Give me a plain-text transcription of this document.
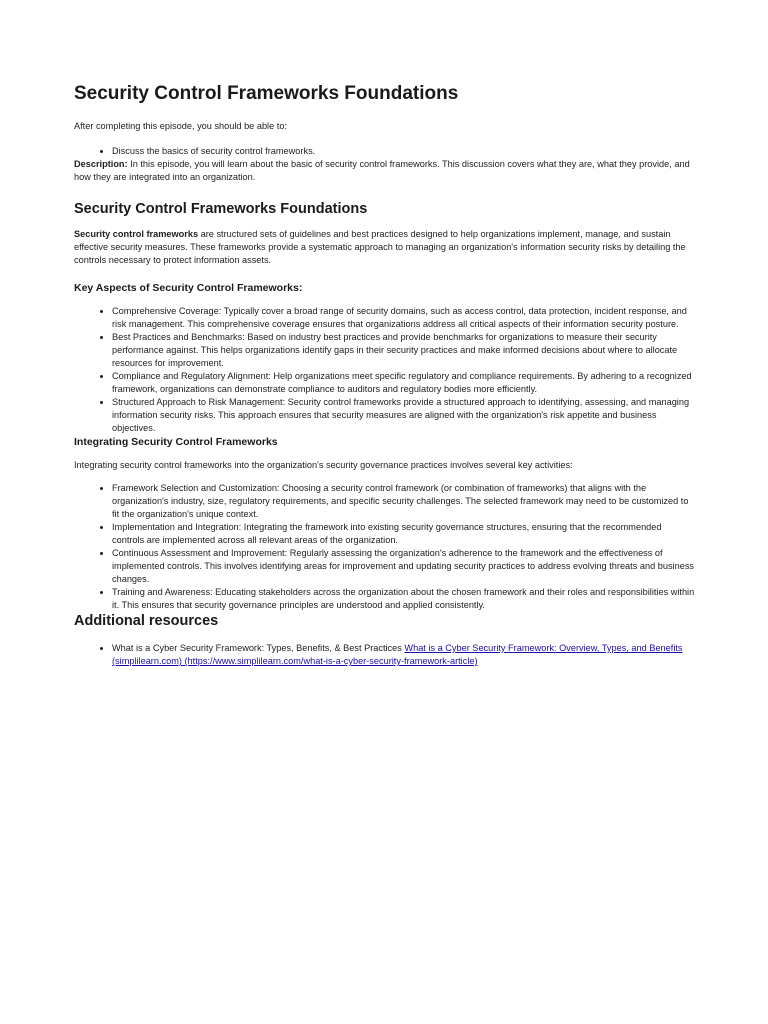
Security Control Frameworks Foundations

After completing this episode, you should be able to:

Discuss the basics of security control frameworks.

Description: In this episode, you will learn about the basic of security control frameworks. This discussion covers what they are, what they provide, and how they are integrated into an organization.

Security Control Frameworks Foundations

Security control frameworks are structured sets of guidelines and best practices designed to help organizations implement, manage, and sustain effective security measures. These frameworks provide a systematic approach to managing an organization's information security risks by detailing the controls necessary to protect information assets.

Key Aspects of Security Control Frameworks:
Comprehensive Coverage: Typically cover a broad range of security domains, such as access control, data protection, incident response, and risk management. This comprehensive coverage ensures that organizations address all critical aspects of their information security posture.
Best Practices and Benchmarks: Based on industry best practices and provide benchmarks for organizations to measure their security performance against. This helps organizations identify gaps in their security practices and make informed decisions about where to allocate resources for improvement.
Compliance and Regulatory Alignment: Help organizations meet specific regulatory and compliance requirements. By adhering to a recognized framework, organizations can demonstrate compliance to auditors and regulatory bodies more efficiently.
Structured Approach to Risk Management: Security control frameworks provide a structured approach to identifying, assessing, and managing information security risks. This approach ensures that security measures are aligned with the organization's risk appetite and business objectives.
Integrating Security Control Frameworks

Integrating security control frameworks into the organization's security governance practices involves several key activities:

Framework Selection and Customization: Choosing a security control framework (or combination of frameworks) that aligns with the organization's industry, size, regulatory requirements, and specific security challenges. The selected framework may need to be customized to fit the organization's unique context.
Implementation and Integration: Integrating the framework into existing security governance structures, ensuring that the recommended controls are implemented across all relevant areas of the organization.
Continuous Assessment and Improvement: Regularly assessing the organization's adherence to the framework and the effectiveness of implemented controls. This involves identifying areas for improvement and updating security practices to address evolving threats and business changes.
Training and Awareness: Educating stakeholders across the organization about the chosen framework and their roles and responsibilities within it. This ensures that security governance principles are understood and applied consistently.
Additional resources
What is a Cyber Security Framework: Types, Benefits, & Best Practices What is a Cyber Security Framework: Overview, Types, and Benefits (simplilearn.com) (https://www.simplilearn.com/what-is-a-cyber-security-framework-article)
